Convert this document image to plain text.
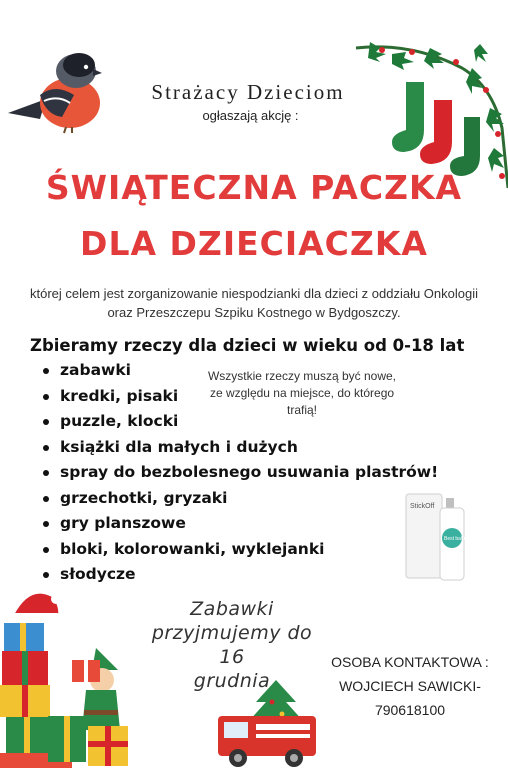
Strażacy Dzieciom
ogłaszają akcję :
ŚWIĄTECZNA PACZKA
DLA DZIECIACZKA
której celem jest zorganizowanie niespodzianki dla dzieci z oddziału Onkologii oraz Przeszczepu Szpiku Kostnego w Bydgoszczy.
Zbieramy rzeczy dla dzieci w wieku od 0-18 lat
zabawki
kredki, pisaki
puzzle, klocki
książki dla małych i dużych
spray do bezbolesnego usuwania plastrów!
grzechotki, gryzaki
gry planszowe
bloki, kolorowanki, wyklejanki
słodycze
Wszystkie rzeczy muszą być nowe, ze względu na miejsce, do którego trafią!
StickOff
Best babu
Zabawki
przyjmujemy do 16
grudnia
OSOBA KONTAKTOWA :
WOJCIECH SAWICKI-
790618100
